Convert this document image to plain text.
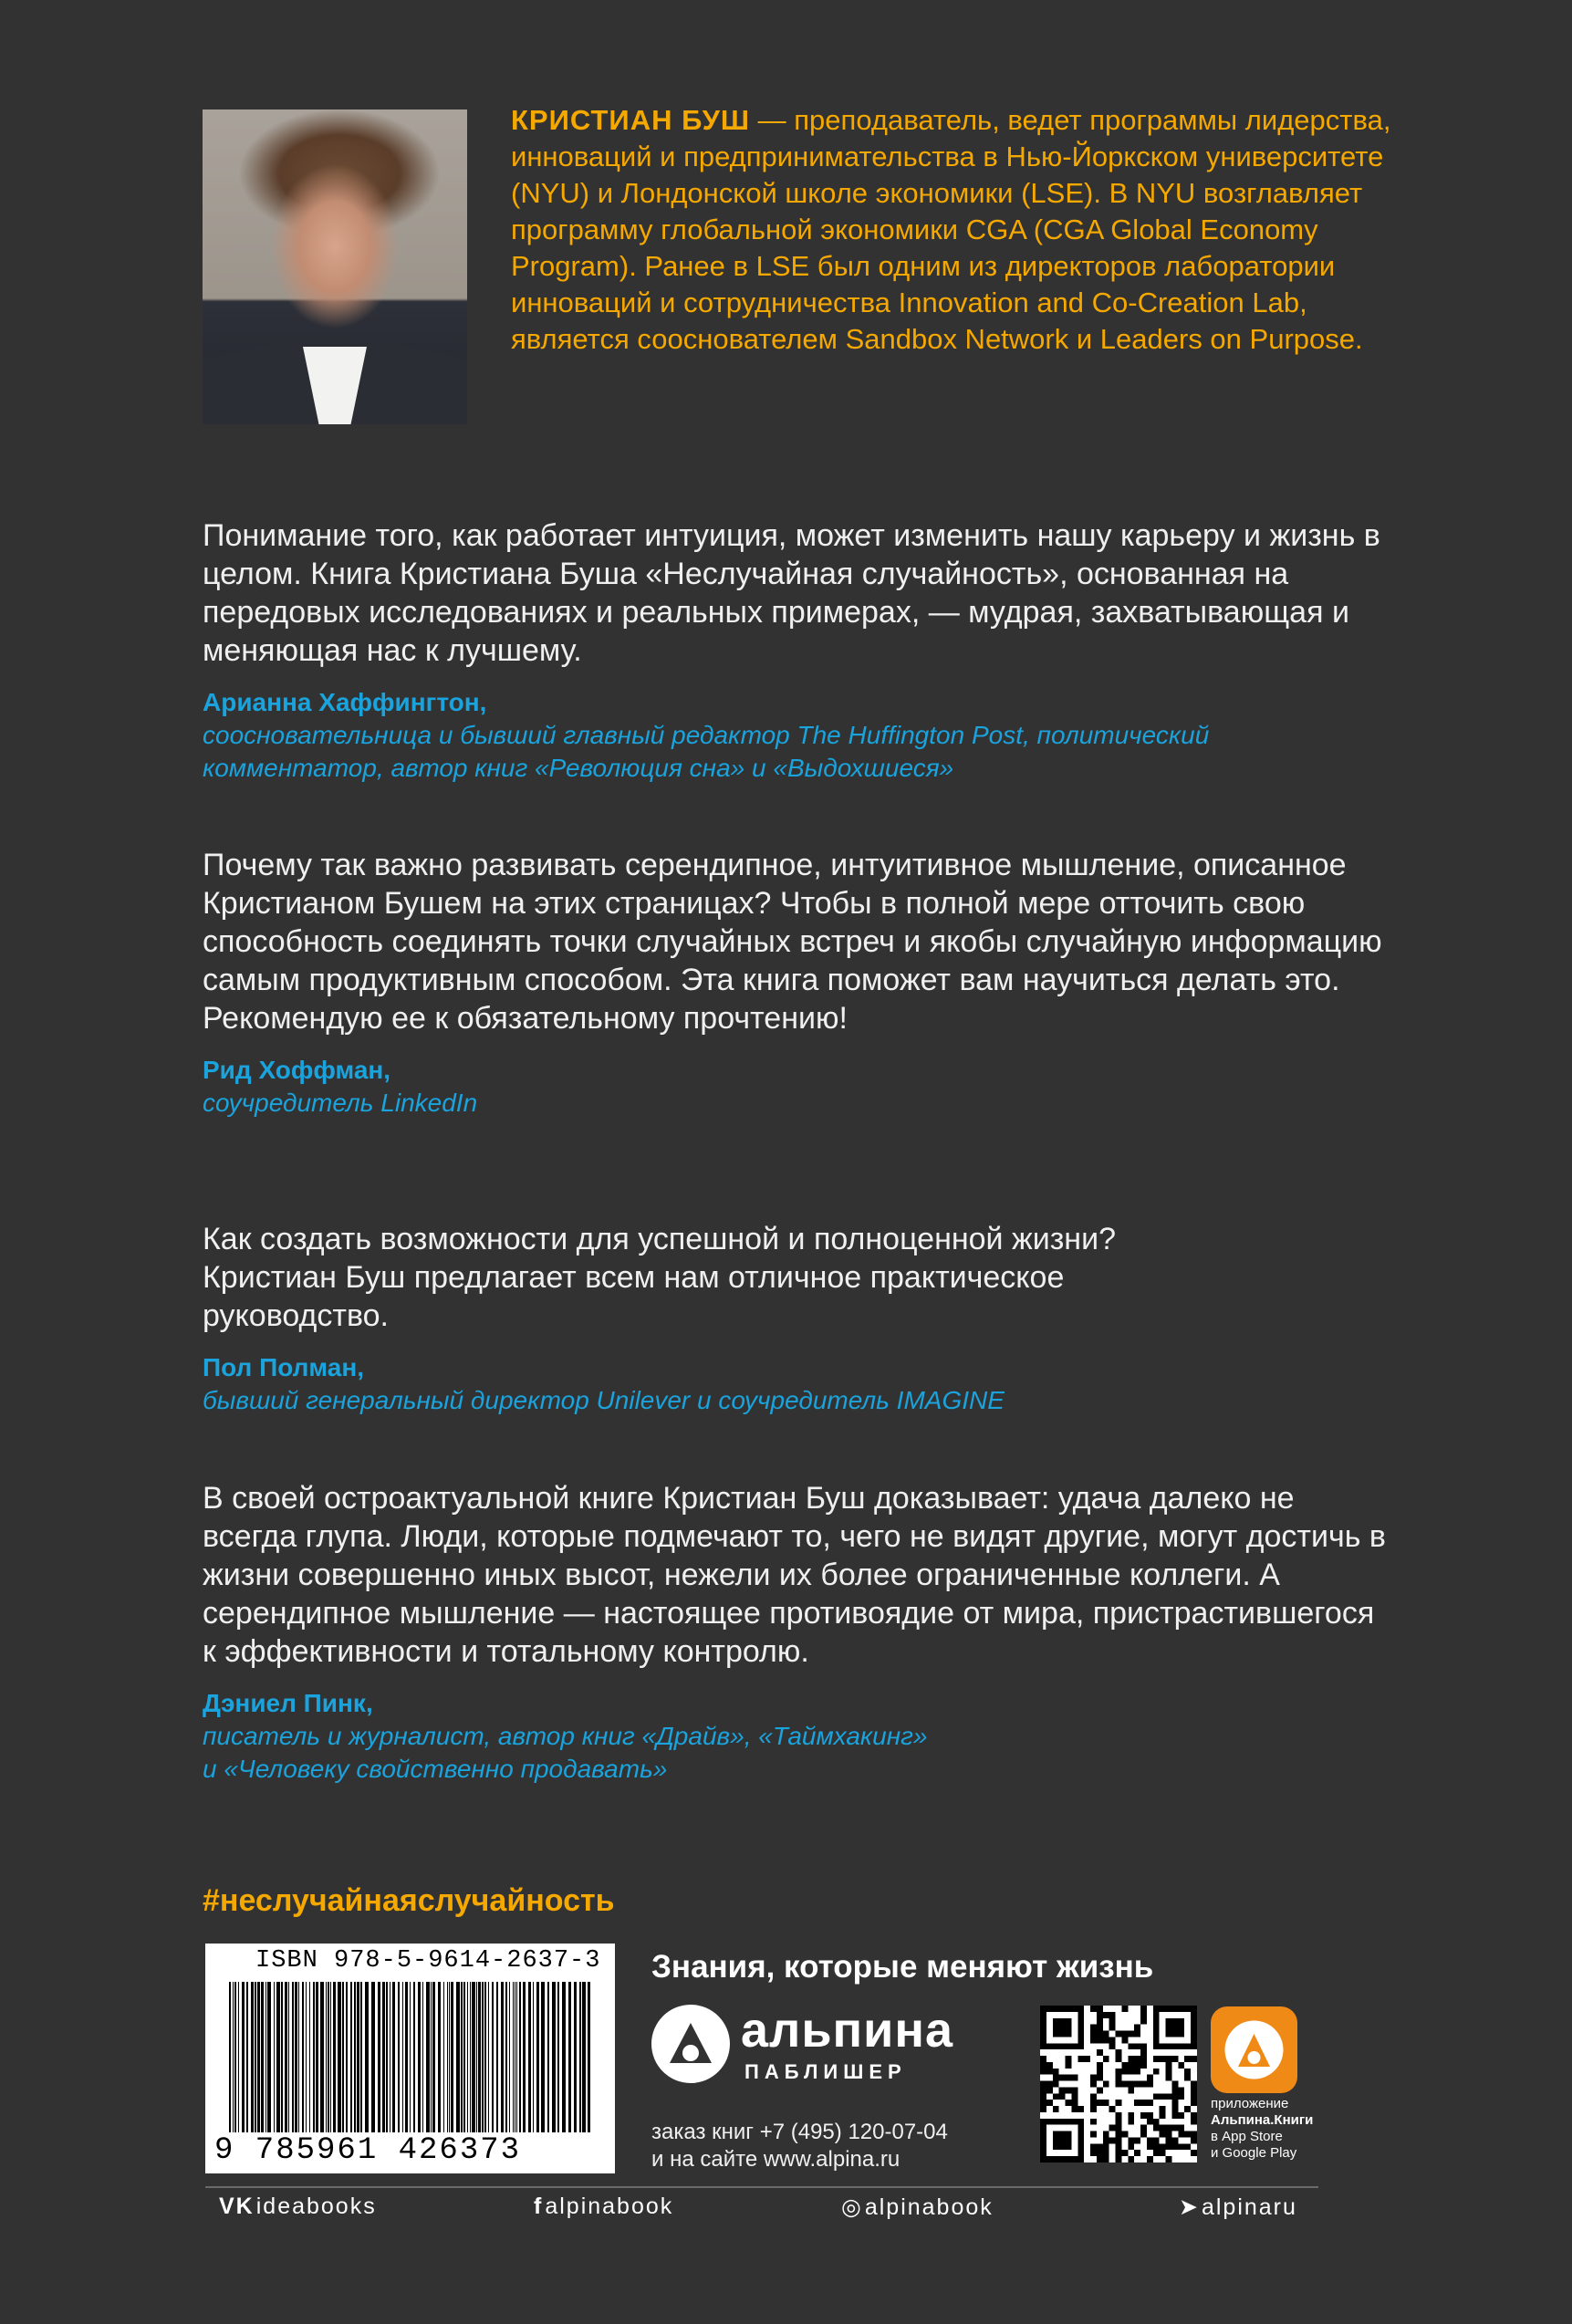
КРИСТИАН БУШ — преподаватель, ведет программы лидерства, инноваций и предпринимательства в Нью-Йоркском университете (NYU) и Лондонской школе экономики (LSE). В NYU возглавляет программу глобальной экономики CGA (CGA Global Economy Program). Ранее в LSE был одним из директоров лаборатории инноваций и сотрудничества Innovation and Co-Creation Lab, является сооснователем Sandbox Network и Leaders on Purpose.

Понимание того, как работает интуиция, может изменить нашу карьеру и жизнь в целом. Книга Кристиана Буша «Неслучайная случайность», основанная на передовых исследованиях и реальных примерах, — мудрая, захватывающая и меняющая нас к лучшему.

Арианна Хаффингтон,
соосновательница и бывший главный редактор The Huffington Post, политический комментатор, автор книг «Революция сна» и «Выдохшиеся»

Почему так важно развивать серендипное, интуитивное мышление, описанное Кристианом Бушем на этих страницах? Чтобы в полной мере отточить свою способность соединять точки случайных встреч и якобы случайную информацию самым продуктивным способом. Эта книга поможет вам научиться делать это. Рекомендую ее к обязательному прочтению!

Рид Хоффман,
соучредитель LinkedIn

Как создать возможности для успешной и полноценной жизни? Кристиан Буш предлагает всем нам отличное практическое руководство.

Пол Полман,
бывший генеральный директор Unilever и соучредитель IMAGINE

В своей остроактуальной книге Кристиан Буш доказывает: удача далеко не всегда глупа. Люди, которые подмечают то, чего не видят другие, могут достичь в жизни совершенно иных высот, нежели их более ограниченные коллеги. А серендипное мышление — настоящее противоядие от мира, пристрастившегося к эффективности и тотальному контролю.

Дэниел Пинк,
писатель и журналист, автор книг «Драйв», «Таймхакинг» и «Человеку свойственно продавать»
#неслучайнаяслучайность
ISBN 978-5-9614-2637-3
9 785961 426373
Знания, которые меняют жизнь
альпина
ПАБЛИШЕР
заказ книг +7 (495) 120-07-04
и на сайте www.alpina.ru
приложение
Альпина.Книги
в App Store
и Google Play
VK ideabooks	f alpinabook	◎ alpinabook	➤ alpinaru
